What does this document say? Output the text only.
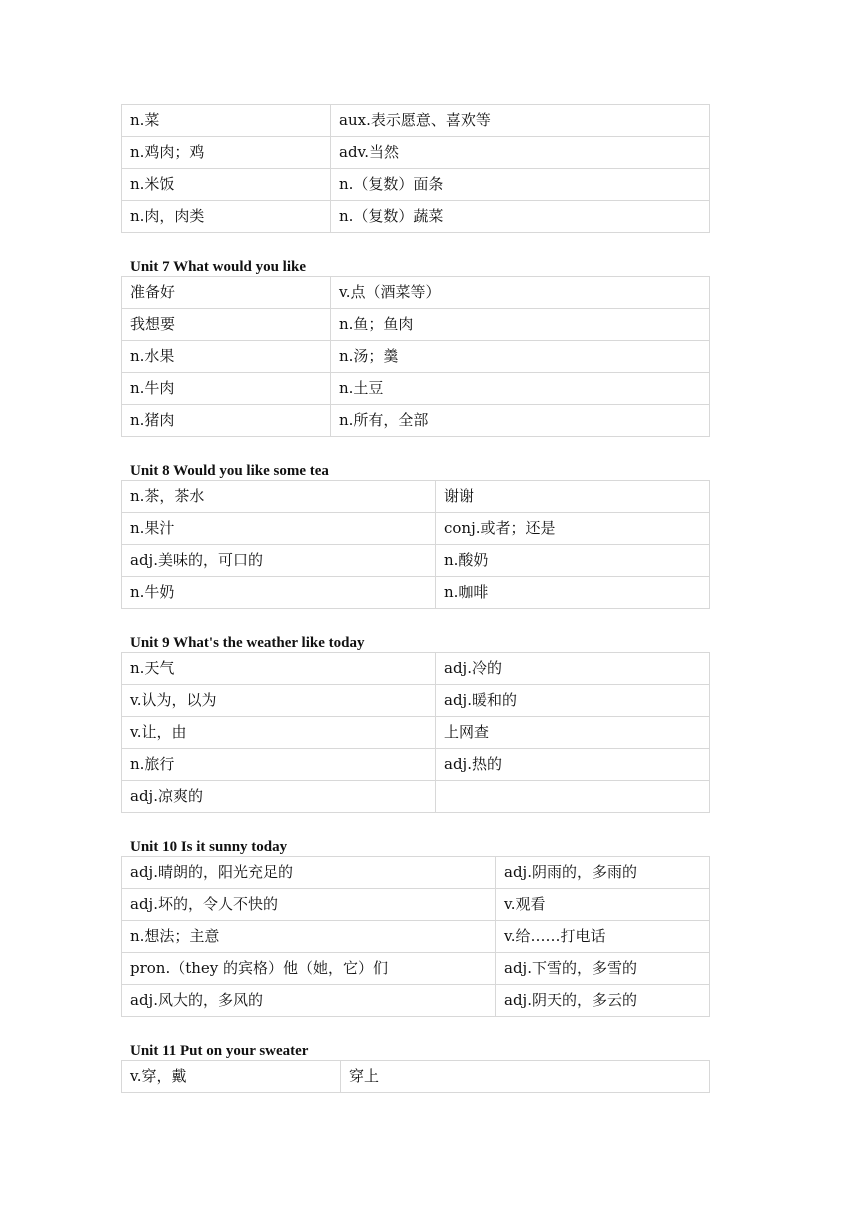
n.菜	aux.表示愿意、喜欢等
n.鸡肉；鸡	adv.当然
n.米饭	n.（复数）面条
n.肉，肉类	n.（复数）蔬菜
Unit 7 What would you like
准备好	v.点（酒菜等）
我想要	n.鱼；鱼肉
n.水果	n.汤；羹
n.牛肉	n.土豆
n.猪肉	n.所有，全部
Unit 8 Would you like some tea
n.茶，茶水	谢谢
n.果汁	conj.或者；还是
adj.美味的，可口的	n.酸奶
n.牛奶	n.咖啡
Unit 9 What's the weather like today
n.天气	adj.冷的
v.认为，以为	adj.暖和的
v.让，由	上网查
n.旅行	adj.热的
adj.凉爽的	
Unit 10 Is it sunny today
adj.晴朗的，阳光充足的	adj.阴雨的，多雨的
adj.坏的，令人不快的	v.观看
n.想法；主意	v.给……打电话
pron.（they 的宾格）他（她，它）们	adj.下雪的，多雪的
adj.风大的，多风的	adj.阴天的，多云的
Unit 11 Put on your sweater
v.穿，戴	穿上
